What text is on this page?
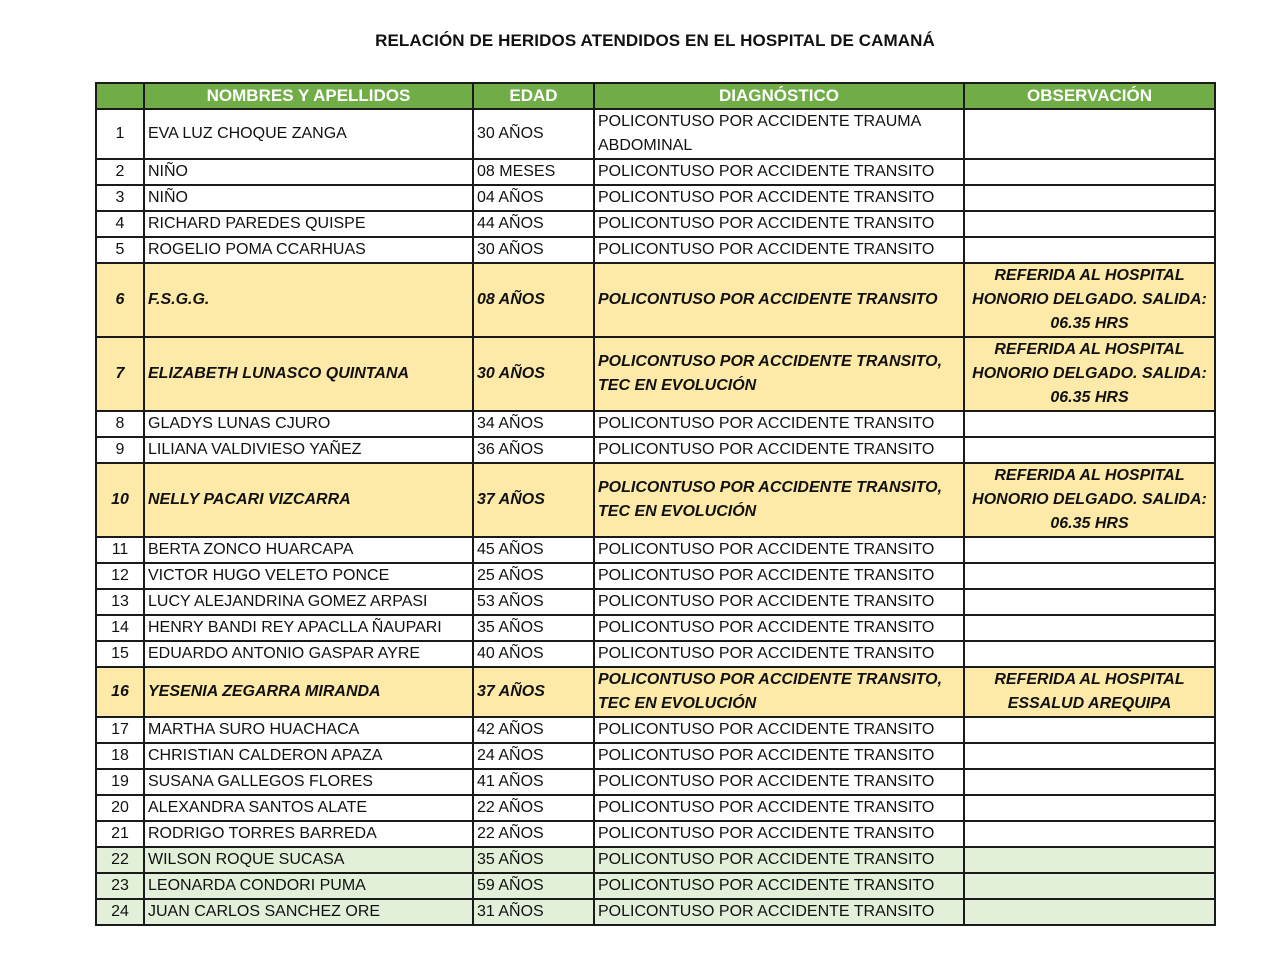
RELACIÓN DE HERIDOS ATENDIDOS EN EL HOSPITAL DE CAMANÁ
	NOMBRES Y APELLIDOS	EDAD	DIAGNÓSTICO	OBSERVACIÓN
1	EVA LUZ CHOQUE ZANGA	30 AÑOS	POLICONTUSO POR ACCIDENTE TRAUMA ABDOMINAL	
2	NIÑO	08 MESES	POLICONTUSO POR ACCIDENTE TRANSITO	
3	NIÑO	04 AÑOS	POLICONTUSO POR ACCIDENTE TRANSITO	
4	RICHARD PAREDES QUISPE	44 AÑOS	POLICONTUSO POR ACCIDENTE TRANSITO	
5	ROGELIO POMA CCARHUAS	30 AÑOS	POLICONTUSO POR ACCIDENTE TRANSITO	
6	F.S.G.G.	08 AÑOS	POLICONTUSO POR ACCIDENTE TRANSITO	REFERIDA AL HOSPITAL HONORIO DELGADO. SALIDA: 06.35 HRS
7	ELIZABETH LUNASCO QUINTANA	30 AÑOS	POLICONTUSO POR ACCIDENTE TRANSITO, TEC EN EVOLUCIÓN	REFERIDA AL HOSPITAL HONORIO DELGADO. SALIDA: 06.35 HRS
8	GLADYS LUNAS CJURO	34 AÑOS	POLICONTUSO POR ACCIDENTE TRANSITO	
9	LILIANA VALDIVIESO YAÑEZ	36 AÑOS	POLICONTUSO POR ACCIDENTE TRANSITO	
10	NELLY PACARI VIZCARRA	37 AÑOS	POLICONTUSO POR ACCIDENTE TRANSITO, TEC EN EVOLUCIÓN	REFERIDA AL HOSPITAL HONORIO DELGADO. SALIDA: 06.35 HRS
11	BERTA ZONCO HUARCAPA	45 AÑOS	POLICONTUSO POR ACCIDENTE TRANSITO	
12	VICTOR HUGO VELETO PONCE	25 AÑOS	POLICONTUSO POR ACCIDENTE TRANSITO	
13	LUCY ALEJANDRINA GOMEZ ARPASI	53 AÑOS	POLICONTUSO POR ACCIDENTE TRANSITO	
14	HENRY BANDI REY APACLLA ÑAUPARI	35 AÑOS	POLICONTUSO POR ACCIDENTE TRANSITO	
15	EDUARDO ANTONIO GASPAR AYRE	40 AÑOS	POLICONTUSO POR ACCIDENTE TRANSITO	
16	YESENIA ZEGARRA MIRANDA	37 AÑOS	POLICONTUSO POR ACCIDENTE TRANSITO, TEC EN EVOLUCIÓN	REFERIDA AL HOSPITAL ESSALUD AREQUIPA
17	MARTHA SURO HUACHACA	42 AÑOS	POLICONTUSO POR ACCIDENTE TRANSITO	
18	CHRISTIAN CALDERON APAZA	24 AÑOS	POLICONTUSO POR ACCIDENTE TRANSITO	
19	SUSANA GALLEGOS FLORES	41 AÑOS	POLICONTUSO POR ACCIDENTE TRANSITO	
20	ALEXANDRA SANTOS ALATE	22 AÑOS	POLICONTUSO POR ACCIDENTE TRANSITO	
21	RODRIGO TORRES BARREDA	22 AÑOS	POLICONTUSO POR ACCIDENTE TRANSITO	
22	WILSON ROQUE SUCASA	35 AÑOS	POLICONTUSO POR ACCIDENTE TRANSITO	
23	LEONARDA CONDORI PUMA	59 AÑOS	POLICONTUSO POR ACCIDENTE TRANSITO	
24	JUAN CARLOS SANCHEZ ORE	31 AÑOS	POLICONTUSO POR ACCIDENTE TRANSITO	
